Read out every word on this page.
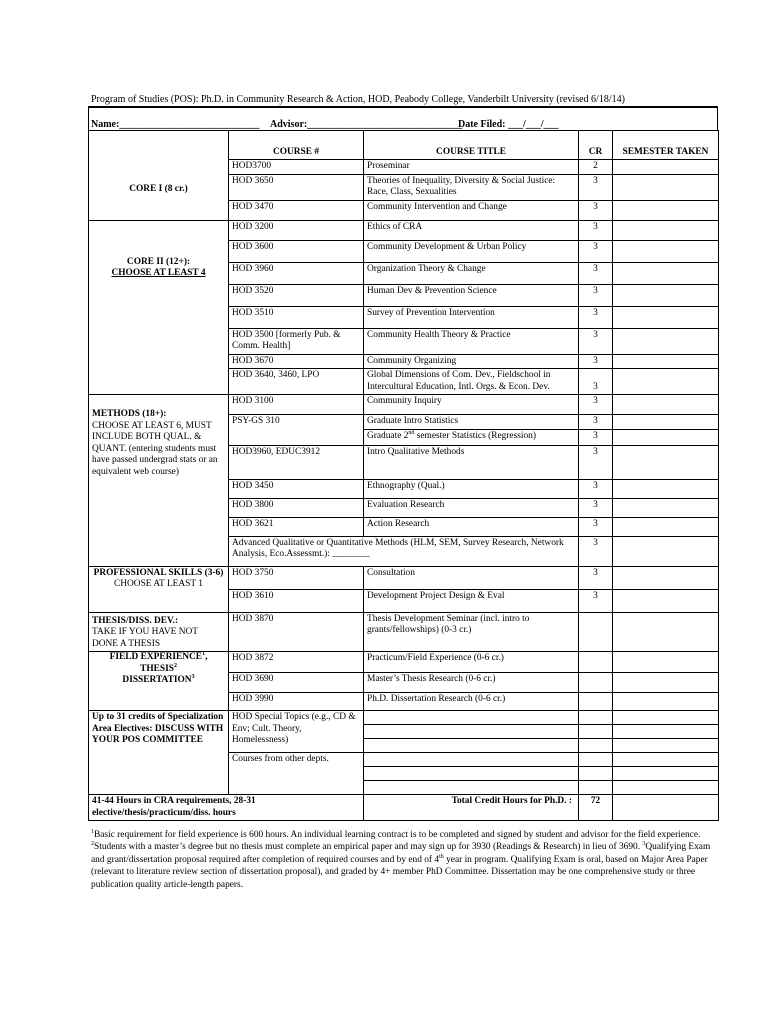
Program of Studies (POS): Ph.D. in Community Research & Action, HOD, Peabody College, Vanderbilt University (revised 6/18/14)
Name:____________________________ Advisor:_______________________________
Date Filed: ___/___/___
	COURSE #	COURSE TITLE	CR	SEMESTER TAKEN
CORE I (8 cr.)	HOD3700	Proseminar	2	
	HOD 3650	Theories of Inequality, Diversity & Social Justice: Race, Class, Sexualities	3	
	HOD 3470	Community Intervention and Change	3	

CORE II (12+):
CHOOSE AT LEAST 4	HOD 3200	Ethics of CRA	3	
	HOD 3600	Community Development & Urban Policy	3	
	HOD 3960	Organization Theory & Change	3	
	HOD 3520	Human Dev & Prevention Science	3	
	HOD 3510	Survey of Prevention Intervention	3	
	HOD 3500 [formerly Pub. & Comm. Health]	Community Health Theory & Practice	3	
	HOD 3670	Community Organizing	3	
	HOD 3640, 3460, LPO	Global Dimensions of Com. Dev., Fieldschool in Intercultural Education, Intl. Orgs. & Econ. Dev.	3	

METHODS (18+):
CHOOSE AT LEAST 6, MUST INCLUDE BOTH QUAL. & QUANT. (entering students must have passed undergrad stats or an equivalent web course)	HOD 3100	Community Inquiry	3	
	PSY-GS 310	Graduate Intro Statistics	3	
		Graduate 2nd semester Statistics (Regression)	3	
	HOD3960, EDUC3912	Intro Qualitative Methods	3	
	HOD 3450	Ethnography (Qual.)	3	
	HOD 3800	Evaluation Research	3	
	HOD 3621	Action Research	3	
	Advanced Qualitative or Quantitative Methods (HLM, SEM, Survey Research, Network Analysis, Eco.Assessmt.): ________		3	

PROFESSIONAL SKILLS (3-6)
CHOOSE AT LEAST 1	HOD 3750	Consultation	3	
	HOD 3610	Development Project Design & Eval	3	

THESIS/DISS. DEV.:
TAKE IF YOU HAVE NOT DONE A THESIS	HOD 3870	Thesis Development Seminar (incl. intro to grants/fellowships) (0-3 cr.)		

FIELD EXPERIENCE$^1$,
THESIS$^2$
DISSERTATION$^3$	HOD 3872	Practicum/Field Experience (0-6 cr.)		
	HOD 3690	Master’s Thesis Research (0-6 cr.)		
	HOD 3990	Ph.D. Dissertation Research (0-6 cr.)		
Up to 31 credits of Specialization Area Electives: DISCUSS WITH YOUR POS COMMITTEE	HOD Special Topics (e.g., CD & Env; Cult. Theory, Homelessness)			

	Courses from other depts.			

41-44 Hours in CRA requirements, 28-31 elective/thesis/practicum/diss. hours		Total Credit Hours for Ph.D. :	72	
$^1$Basic requirement for field experience is 600 hours. An individual learning contract is to be completed and signed by student and advisor for the field experience. $^2$Students with a master’s degree but no thesis must complete an empirical paper and may sign up for 3930 (Readings & Research) in lieu of 3690. $^3$Qualifying Exam and grant/dissertation proposal required after completion of required courses and by end of 4th year in program. Qualifying Exam is oral, based on Major Area Paper (relevant to literature review section of dissertation proposal), and graded by 4+ member PhD Committee. Dissertation may be one comprehensive study or three publication quality article-length papers.
